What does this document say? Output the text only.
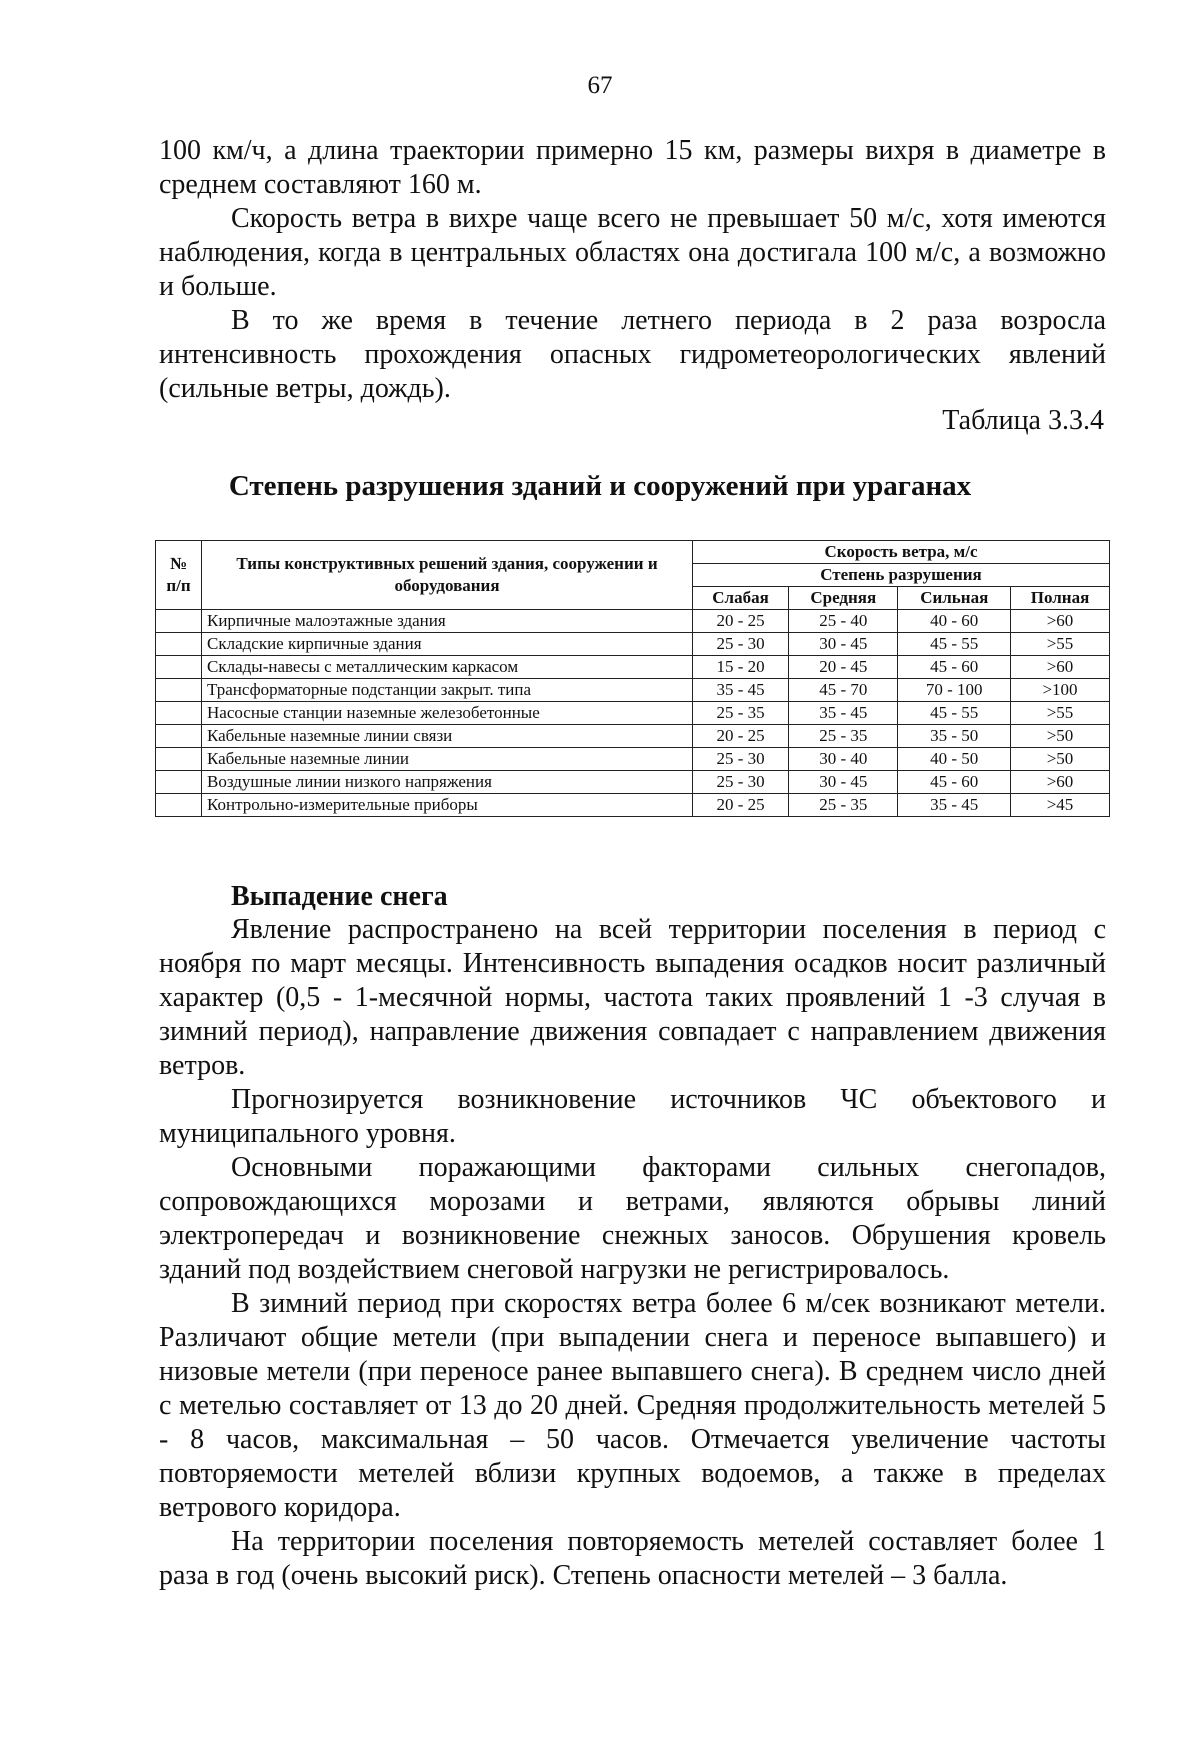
67

100 км/ч, а длина траектории примерно 15 км, размеры вихря в диаметре в среднем составляют 160 м.

Скорость ветра в вихре чаще всего не превышает 50 м/с, хотя имеются наблюдения, когда в центральных областях она достигала 100 м/с, а возможно и больше.

В то же время в течение летнего периода в 2 раза возросла интенсивность прохождения опасных гидрометеорологических явлений (сильные ветры, дождь).

Таблица 3.3.4
Степень разрушения зданий и сооружений при ураганах
№ п/п	Типы конструктивных решений здания, сооружении и оборудования	Скорость ветра, м/с			
		Степень разрушения			
		Слабая	Средняя	Сильная	Полная
	Кирпичные малоэтажные здания	20 - 25	25 - 40	40 - 60	>60
	Складские кирпичные здания	25 - 30	30 - 45	45 - 55	>55
	Склады-навесы с металлическим каркасом	15 - 20	20 - 45	45 - 60	>60
	Трансформаторные подстанции закрыт. типа	35 - 45	45 - 70	70 - 100	>100
	Насосные станции наземные железобетонные	25 - 35	35 - 45	45 - 55	>55
	Кабельные наземные линии связи	20 - 25	25 - 35	35 - 50	>50
	Кабельные наземные линии	25 - 30	30 - 40	40 - 50	>50
	Воздушные линии низкого напряжения	25 - 30	30 - 45	45 - 60	>60
	Контрольно-измерительные приборы	20 - 25	25 - 35	35 - 45	>45
Выпадение снега

Явление распространено на всей территории поселения в период с ноября по март месяцы. Интенсивность выпадения осадков носит различный характер (0,5 - 1-месячной нормы, частота таких проявлений 1 -3 случая в зимний период), направление движения совпадает с направлением движения ветров.

Прогнозируется возникновение источников ЧС объектового и муниципального уровня.

Основными поражающими факторами сильных снегопадов, сопровождающихся морозами и ветрами, являются обрывы линий электропередач и возникновение снежных заносов. Обрушения кровель зданий под воздействием снеговой нагрузки не регистрировалось.

В зимний период при скоростях ветра более 6 м/сек возникают метели. Различают общие метели (при выпадении снега и переносе выпавшего) и низовые метели (при переносе ранее выпавшего снега). В среднем число дней с метелью составляет от 13 до 20 дней. Средняя продолжительность метелей 5 - 8 часов, максимальная – 50 часов. Отмечается увеличение частоты повторяемости метелей вблизи крупных водоемов, а также в пределах ветрового коридора.

На территории поселения повторяемость метелей составляет более 1 раза в год (очень высокий риск). Степень опасности метелей – 3 балла.
